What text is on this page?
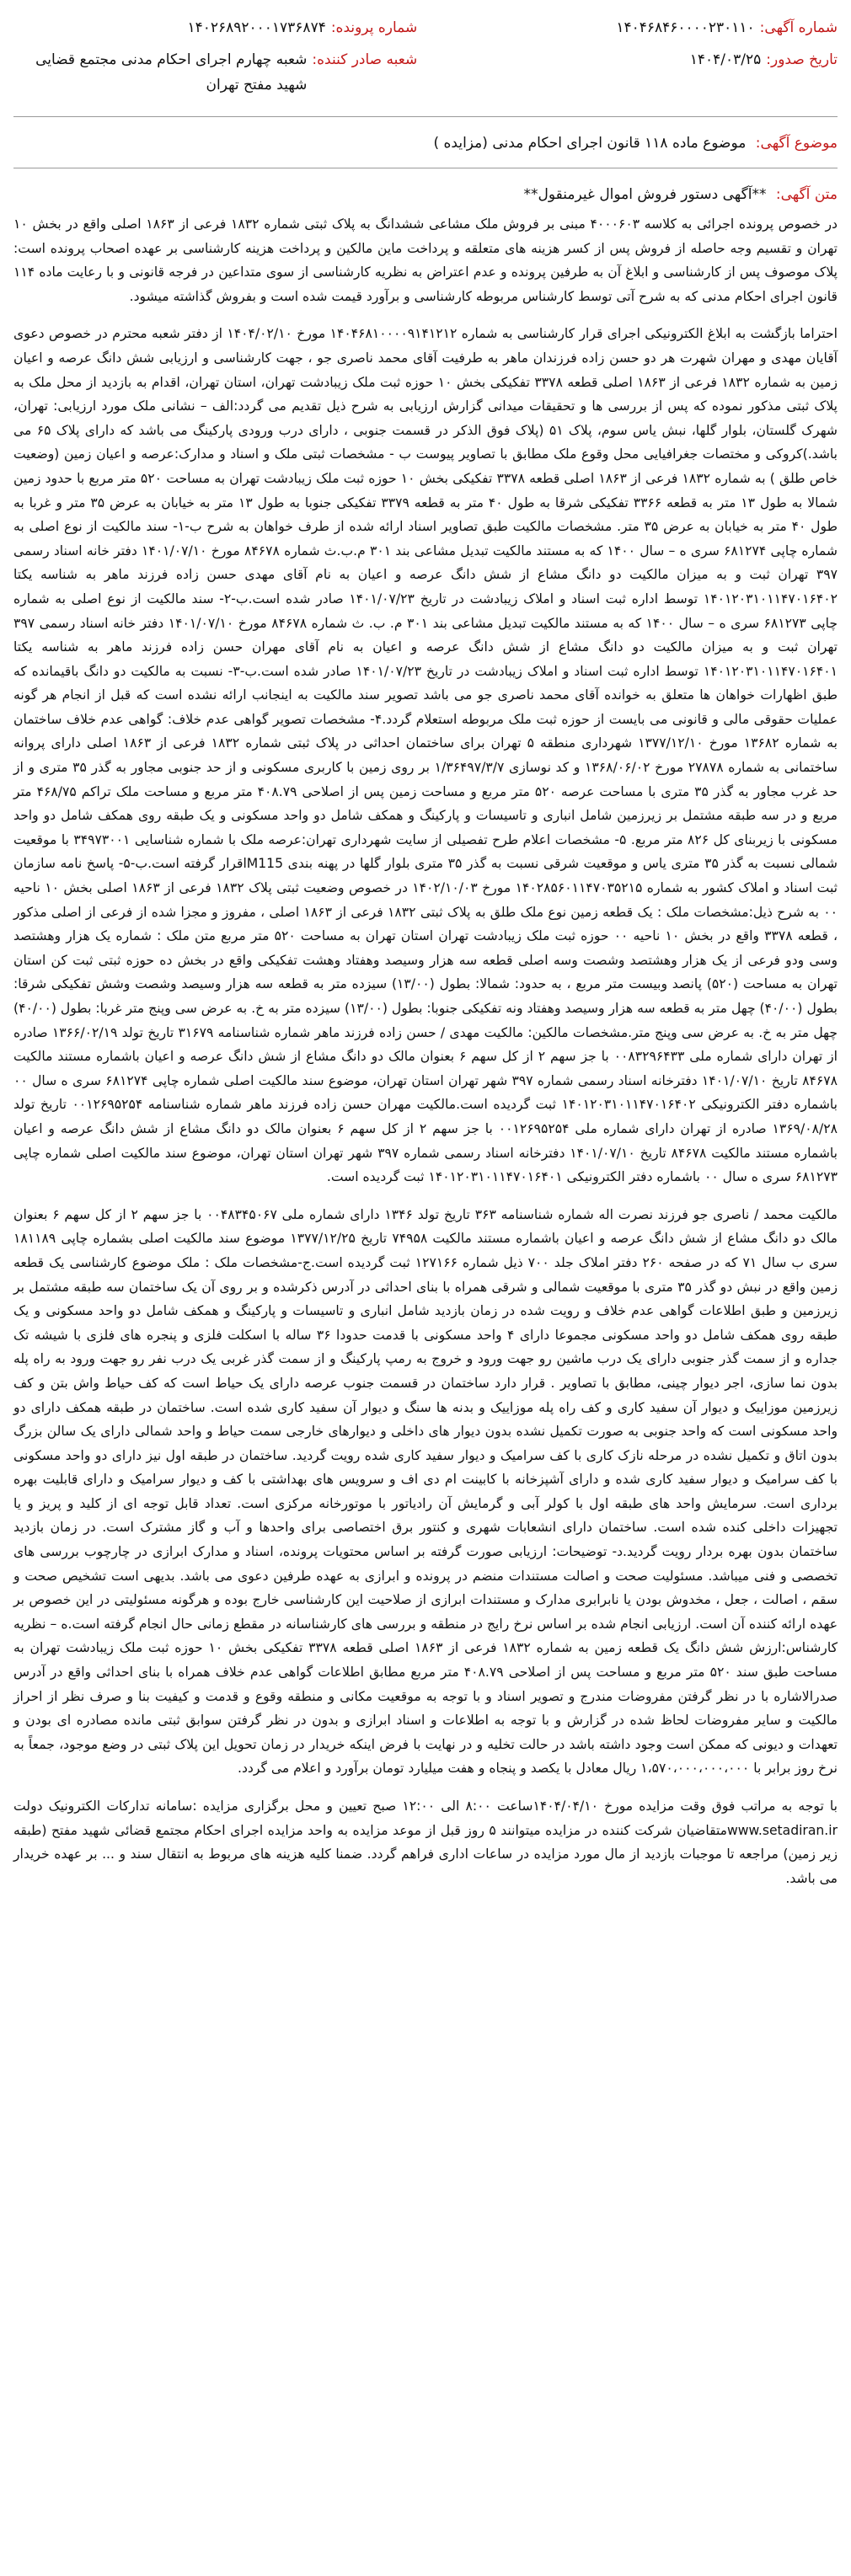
شماره آگهی:
۱۴۰۴۶۸۴۶۰۰۰۰۲۳۰۱۱۰
تاریخ صدور:
۱۴۰۴/۰۳/۲۵
شماره پرونده:
۱۴۰۲۶۸۹۲۰۰۰۱۷۳۶۸۷۴
شعبه صادر کننده:
شعبه چهارم اجرای احکام مدنی مجتمع قضایی شهید مفتح تهران
موضوع آگهی: موضوع ماده ۱۱۸ قانون اجرای احکام مدنی (مزایده )
متن آگهی: **آگهی دستور فروش اموال غیرمنقول**

در خصوص پرونده اجرائی به کلاسه ۴۰۰۰۶۰۳ مبنی بر فروش ملک مشاعی ششدانگ به پلاک ثبتی شماره ۱۸۳۲ فرعی از ۱۸۶۳ اصلی واقع در بخش ۱۰ تهران و تقسیم وجه حاصله از فروش پس از کسر هزینه های متعلقه و پرداخت ماین مالکین و پرداخت هزینه کارشناسی بر عهده اصحاب پرونده است: پلاک موصوف پس از کارشناسی و ابلاغ آن به طرفین پرونده و عدم اعتراض به نظریه کارشناسی از سوی متداعین در فرجه قانونی و با رعایت ماده ۱۱۴ قانون اجرای احکام مدنی که به شرح آتی توسط کارشناس مربوطه کارشناسی و برآورد قیمت شده است و بفروش گذاشته میشود.

احتراما بازگشت به ابلاغ الکترونیکی اجرای قرار کارشناسی به شماره ۱۴۰۴۶۸۱۰۰۰۰۹۱۴۱۲۱۲ مورخ ۱۴۰۴/۰۲/۱۰ از دفتر شعبه محترم در خصوص دعوی آقایان مهدی و مهران شهرت هر دو حسن زاده فرزندان ماهر به طرفیت آقای محمد ناصری جو ، جهت کارشناسی و ارزیابی شش دانگ عرصه و اعیان زمین به شماره ۱۸۳۲ فرعی از ۱۸۶۳ اصلی قطعه ۳۳۷۸ تفکیکی بخش ۱۰ حوزه ثبت ملک زیبادشت تهران، استان تهران، اقدام به بازدید از محل ملک به پلاک ثبتی مذکور نموده که پس از بررسی ها و تحقیقات میدانی گزارش ارزیابی به شرح ذیل تقدیم می گردد:الف – نشانی ملک مورد ارزیابی: تهران، شهرک گلستان، بلوار گلها، نبش یاس سوم، پلاک ۵۱ (پلاک فوق الذکر در قسمت جنوبی ، دارای درب ورودی پارکینگ می باشد که دارای پلاک ۶۵ می باشد.)کروکی و مختصات جغرافیایی محل وقوع ملک مطابق با تصاویر پیوست ب - مشخصات ثبتی ملک و اسناد و مدارک:عرصه و اعیان زمین (وضعیت خاص طلق ) به شماره ۱۸۳۲ فرعی از ۱۸۶۳ اصلی قطعه ۳۳۷۸ تفکیکی بخش ۱۰ حوزه ثبت ملک زیبادشت تهران به مساحت ۵۲۰ متر مربع با حدود زمین شمالا به طول ۱۳ متر به قطعه ۳۳۶۶ تفکیکی شرقا به طول ۴۰ متر به قطعه ۳۳۷۹ تفکیکی جنوبا به طول ۱۳ متر به خیابان به عرض ۳۵ متر و غربا به طول ۴۰ متر به خیابان به عرض ۳۵ متر. مشخصات مالکیت طبق تصاویر اسناد ارائه شده از طرف خواهان به شرح ب-۱- سند مالکیت از نوع اصلی به شماره چاپی ۶۸۱۲۷۴ سری ه – سال ۱۴۰۰ که به مستند مالکیت تبدیل مشاعی بند ۳۰۱ م.ب.ث شماره ۸۴۶۷۸ مورخ ۱۴۰۱/۰۷/۱۰ دفتر خانه اسناد رسمی ۳۹۷ تهران ثبت و به میزان مالکیت دو دانگ مشاع از شش دانگ عرصه و اعیان به نام آقای مهدی حسن زاده فرزند ماهر به شناسه یکتا ۱۴۰۱۲۰۳۱۰۱۱۴۷۰۱۶۴۰۲ توسط اداره ثبت اسناد و املاک زیبادشت در تاریخ ۱۴۰۱/۰۷/۲۳ صادر شده است.ب-۲- سند مالکیت از نوع اصلی به شماره چاپی ۶۸۱۲۷۳ سری ه – سال ۱۴۰۰ که به مستند مالکیت تبدیل مشاعی بند ۳۰۱ م. ب. ث شماره ۸۴۶۷۸ مورخ ۱۴۰۱/۰۷/۱۰ دفتر خانه اسناد رسمی ۳۹۷ تهران ثبت و به میزان مالکیت دو دانگ مشاع از شش دانگ عرصه و اعیان به نام آقای مهران حسن زاده فرزند ماهر به شناسه یکتا ۱۴۰۱۲۰۳۱۰۱۱۴۷۰۱۶۴۰۱ توسط اداره ثبت اسناد و املاک زیبادشت در تاریخ ۱۴۰۱/۰۷/۲۳ صادر شده است.ب-۳- نسبت به مالکیت دو دانگ باقیمانده که طبق اظهارات خواهان ها متعلق به خوانده آقای محمد ناصری جو می باشد تصویر سند مالکیت به اینجانب ارائه نشده است که قبل از انجام هر گونه عملیات حقوقی مالی و قانونی می بایست از حوزه ثبت ملک مربوطه استعلام گردد.۴- مشخصات تصویر گواهی عدم خلاف: گواهی عدم خلاف ساختمان به شماره ۱۳۶۸۲ مورخ ۱۳۷۷/۱۲/۱۰ شهرداری منطقه ۵ تهران برای ساختمان احداثی در پلاک ثبتی شماره ۱۸۳۲ فرعی از ۱۸۶۳ اصلی دارای پروانه ساختمانی به شماره ۲۷۸۷۸ مورخ ۱۳۶۸/۰۶/۰۲ و کد نوسازی ۱/۳۶۴۹۷/۳/۷ بر روی زمین با کاربری مسکونی و از حد جنوبی مجاور به گذر ۳۵ متری و از حد غرب مجاور به گذر ۳۵ متری با مساحت عرصه ۵۲۰ متر مربع و مساحت زمین پس از اصلاحی ۴۰۸.۷۹ متر مربع و مساحت ملک تراکم ۴۶۸/۷۵ متر مربع و در سه طبقه مشتمل بر زیرزمین شامل انباری و تاسیسات و پارکینگ و همکف شامل دو واحد مسکونی و یک طبقه روی همکف شامل دو واحد مسکونی با زیربنای کل ۸۲۶ متر مربع. ۵- مشخصات اعلام طرح تفصیلی از سایت شهرداری تهران:عرصه ملک با شماره شناسایی ۳۴۹۷۳۰۰۱ با موقعیت شمالی نسبت به گذر ۳۵ متری یاس و موقعیت شرقی نسبت به گذر ۳۵ متری بلوار گلها در پهنه بندی M115اقرار گرفته است.ب-۵- پاسخ نامه سازمان ثبت اسناد و املاک کشور به شماره ۱۴۰۲۸۵۶۰۱۱۴۷۰۳۵۲۱۵ مورخ ۱۴۰۲/۱۰/۰۳ در خصوص وضعیت ثبتی پلاک ۱۸۳۲ فرعی از ۱۸۶۳ اصلی بخش ۱۰ ناحیه ۰۰ به شرح ذیل:مشخصات ملک : یک قطعه زمین نوع ملک طلق به پلاک ثبتی ۱۸۳۲ فرعی از ۱۸۶۳ اصلی ، مفروز و مجزا شده از فرعی از اصلی مذکور ، قطعه ۳۳۷۸ واقع در بخش ۱۰ ناحیه ۰۰ حوزه ثبت ملک زیبادشت تهران استان تهران به مساحت ۵۲۰ متر مربع متن ملک : شماره یک هزار وهشتصد وسی ودو فرعی از یک هزار وهشتصد وشصت وسه اصلی قطعه سه هزار وسیصد وهفتاد وهشت تفکیکی واقع در بخش ده حوزه ثبتی ثبت کن استان تهران به مساحت (۵۲۰) پانصد وبیست متر مربع ، به حدود: شمالا: بطول (۱۳/۰۰) سیزده متر به قطعه سه هزار وسیصد وشصت وشش تفکیکی شرقا: بطول (۴۰/۰۰) چهل متر به قطعه سه هزار وسیصد وهفتاد ونه تفکیکی جنوبا: بطول (۱۳/۰۰) سیزده متر به خ. به عرض سی وپنج متر غربا: بطول (۴۰/۰۰) چهل متر به خ. به عرض سی وپنج متر.مشخصات مالکین: مالکیت مهدی / حسن زاده فرزند ماهر شماره شناسنامه ۳۱۶۷۹ تاریخ تولد ۱۳۶۶/۰۲/۱۹ صادره از تهران دارای شماره ملی ۰۰۸۳۲۹۶۴۳۳ با جز سهم ۲ از کل سهم ۶ بعنوان مالک دو دانگ مشاع از شش دانگ عرصه و اعیان باشماره مستند مالکیت ۸۴۶۷۸ تاریخ ۱۴۰۱/۰۷/۱۰ دفترخانه اسناد رسمی شماره ۳۹۷ شهر تهران استان تهران، موضوع سند مالکیت اصلی شماره چاپی ۶۸۱۲۷۴ سری ه سال ۰۰ باشماره دفتر الکترونیکی ۱۴۰۱۲۰۳۱۰۱۱۴۷۰۱۶۴۰۲ ثبت گردیده است.مالکیت مهران حسن زاده فرزند ماهر شماره شناسنامه ۰۰۱۲۶۹۵۲۵۴ تاریخ تولد ۱۳۶۹/۰۸/۲۸ صادره از تهران دارای شماره ملی ۰۰۱۲۶۹۵۲۵۴ با جز سهم ۲ از کل سهم ۶ بعنوان مالک دو دانگ مشاع از شش دانگ عرصه و اعیان باشماره مستند مالکیت ۸۴۶۷۸ تاریخ ۱۴۰۱/۰۷/۱۰ دفترخانه اسناد رسمی شماره ۳۹۷ شهر تهران استان تهران، موضوع سند مالکیت اصلی شماره چاپی ۶۸۱۲۷۳ سری ه سال ۰۰ باشماره دفتر الکترونیکی ۱۴۰۱۲۰۳۱۰۱۱۴۷۰۱۶۴۰۱ ثبت گردیده است.

مالکیت محمد / ناصری جو فرزند نصرت اله شماره شناسنامه ۳۶۳ تاریخ تولد ۱۳۴۶ دارای شماره ملی ۰۰۴۸۳۴۵۰۶۷ با جز سهم ۲ از کل سهم ۶ بعنوان مالک دو دانگ مشاع از شش دانگ عرصه و اعیان باشماره مستند مالکیت ۷۴۹۵۸ تاریخ ۱۳۷۷/۱۲/۲۵ موضوع سند مالکیت اصلی بشماره چاپی ۱۸۱۱۸۹ سری ب سال ۷۱ که در صفحه ۲۶۰ دفتر املاک جلد ۷۰۰ ذیل شماره ۱۲۷۱۶۶ ثبت گردیده است.ج-مشخصات ملک : ملک موضوع کارشناسی یک قطعه زمین واقع در نبش دو گذر ۳۵ متری با موقعیت شمالی و شرقی همراه با بنای احداثی در آدرس ذکرشده و بر روی آن یک ساختمان سه طبقه مشتمل بر زیرزمین و طبق اطلاعات گواهی عدم خلاف و رویت شده در زمان بازدید شامل انباری و تاسیسات و پارکینگ و همکف شامل دو واحد مسکونی و یک طبقه روی همکف شامل دو واحد مسکونی مجموعا دارای ۴ واحد مسکونی با قدمت حدودا ۳۶ ساله با اسکلت فلزی و پنجره های فلزی با شیشه تک جداره و از سمت گذر جنوبی دارای یک درب ماشین رو جهت ورود و خروج به رمپ پارکینگ و از سمت گذر غربی یک درب نفر رو جهت ورود به راه پله بدون نما سازی، اجر دیوار چینی، مطابق با تصاویر . قرار دارد ساختمان در قسمت جنوب عرصه دارای یک حیاط است که کف حیاط واش بتن و کف زیرزمین موزاییک و دیوار آن سفید کاری و کف راه پله موزاییک و بدنه ها سنگ و دیوار آن سفید کاری شده است. ساختمان در طبقه همکف دارای دو واحد مسکونی است که واحد جنوبی به صورت تکمیل نشده بدون دیوار های داخلی و دیوارهای خارجی سمت حیاط و واحد شمالی دارای یک سالن بزرگ بدون اتاق و تکمیل نشده در مرحله نازک کاری با کف سرامیک و دیوار سفید کاری شده رویت گردید. ساختمان در طبقه اول نیز دارای دو واحد مسکونی با کف سرامیک و دیوار سفید کاری شده و دارای آشپزخانه با کابینت ام دی اف و سرویس های بهداشتی با کف و دیوار سرامیک و دارای قابلیت بهره برداری است. سرمایش واحد های طبقه اول با کولر آبی و گرمایش آن رادیاتور با موتورخانه مرکزی است. تعداد قابل توجه ای از کلید و پریز و یا تجهیزات داخلی کنده شده است. ساختمان دارای انشعابات شهری و کنتور برق اختصاصی برای واحدها و آب و گاز مشترک است. در زمان بازدید ساختمان بدون بهره بردار رویت گردید.د- توضیحات: ارزیابی صورت گرفته بر اساس محتویات پرونده، اسناد و مدارک ابرازی در چارچوب بررسی های تخصصی و فنی میباشد. مسئولیت صحت و اصالت مستندات منضم در پرونده و ابرازی به عهده طرفین دعوی می باشد. بدیهی است تشخیص صحت و سقم ، اصالت ، جعل ، مخدوش بودن یا نابرابری مدارک و مستندات ابرازی از صلاحیت این کارشناسی خارج بوده و هرگونه مسئولیتی در این خصوص بر عهده ارائه کننده آن است. ارزیابی انجام شده بر اساس نرخ رایج در منطقه و بررسی های کارشناسانه در مقطع زمانی حال انجام گرفته است.ه – نظریه کارشناس:ارزش شش دانگ یک قطعه زمین به شماره ۱۸۳۲ فرعی از ۱۸۶۳ اصلی قطعه ۳۳۷۸ تفکیکی بخش ۱۰ حوزه ثبت ملک زیبادشت تهران به مساحت طبق سند ۵۲۰ متر مربع و مساحت پس از اصلاحی ۴۰۸.۷۹ متر مربع مطابق اطلاعات گواهی عدم خلاف همراه با بنای احداثی واقع در آدرس صدرالاشاره با در نظر گرفتن مفروضات مندرج و تصویر اسناد و با توجه به موقعیت مکانی و منطقه وقوع و قدمت و کیفیت بنا و صرف نظر از احراز مالکیت و سایر مفروضات لحاظ شده در گزارش و با توجه به اطلاعات و اسناد ابرازی و بدون در نظر گرفتن سوابق ثبتی مانده مصادره ای بودن و تعهدات و دیونی که ممکن است وجود داشته باشد در حالت تخلیه و در نهایت با فرض اینکه خریدار در زمان تحویل این پلاک ثبتی در وضع موجود، جمعاً به نرخ روز برابر با ۱،۵۷۰،۰۰۰،۰۰۰،۰۰۰ ریال معادل با یکصد و پنجاه و هفت میلیارد تومان برآورد و اعلام می گردد.

با توجه به مراتب فوق وقت مزایده مورخ ۱۴۰۴/۰۴/۱۰ساعت ۸:۰۰ الی ۱۲:۰۰ صبح تعیین و محل برگزاری مزایده :سامانه تدارکات الکترونیک دولت www.setadiran.irمتقاضیان شرکت کننده در مزایده میتوانند ۵ روز قبل از موعد مزایده به واحد مزایده اجرای احکام مجتمع قضائی شهید مفتح (طبقه زیر زمین) مراجعه تا موجبات بازدید از مال مورد مزایده در ساعات اداری فراهم گردد. ضمنا کلیه هزینه های مربوط به انتقال سند و ... بر عهده خریدار می باشد.
